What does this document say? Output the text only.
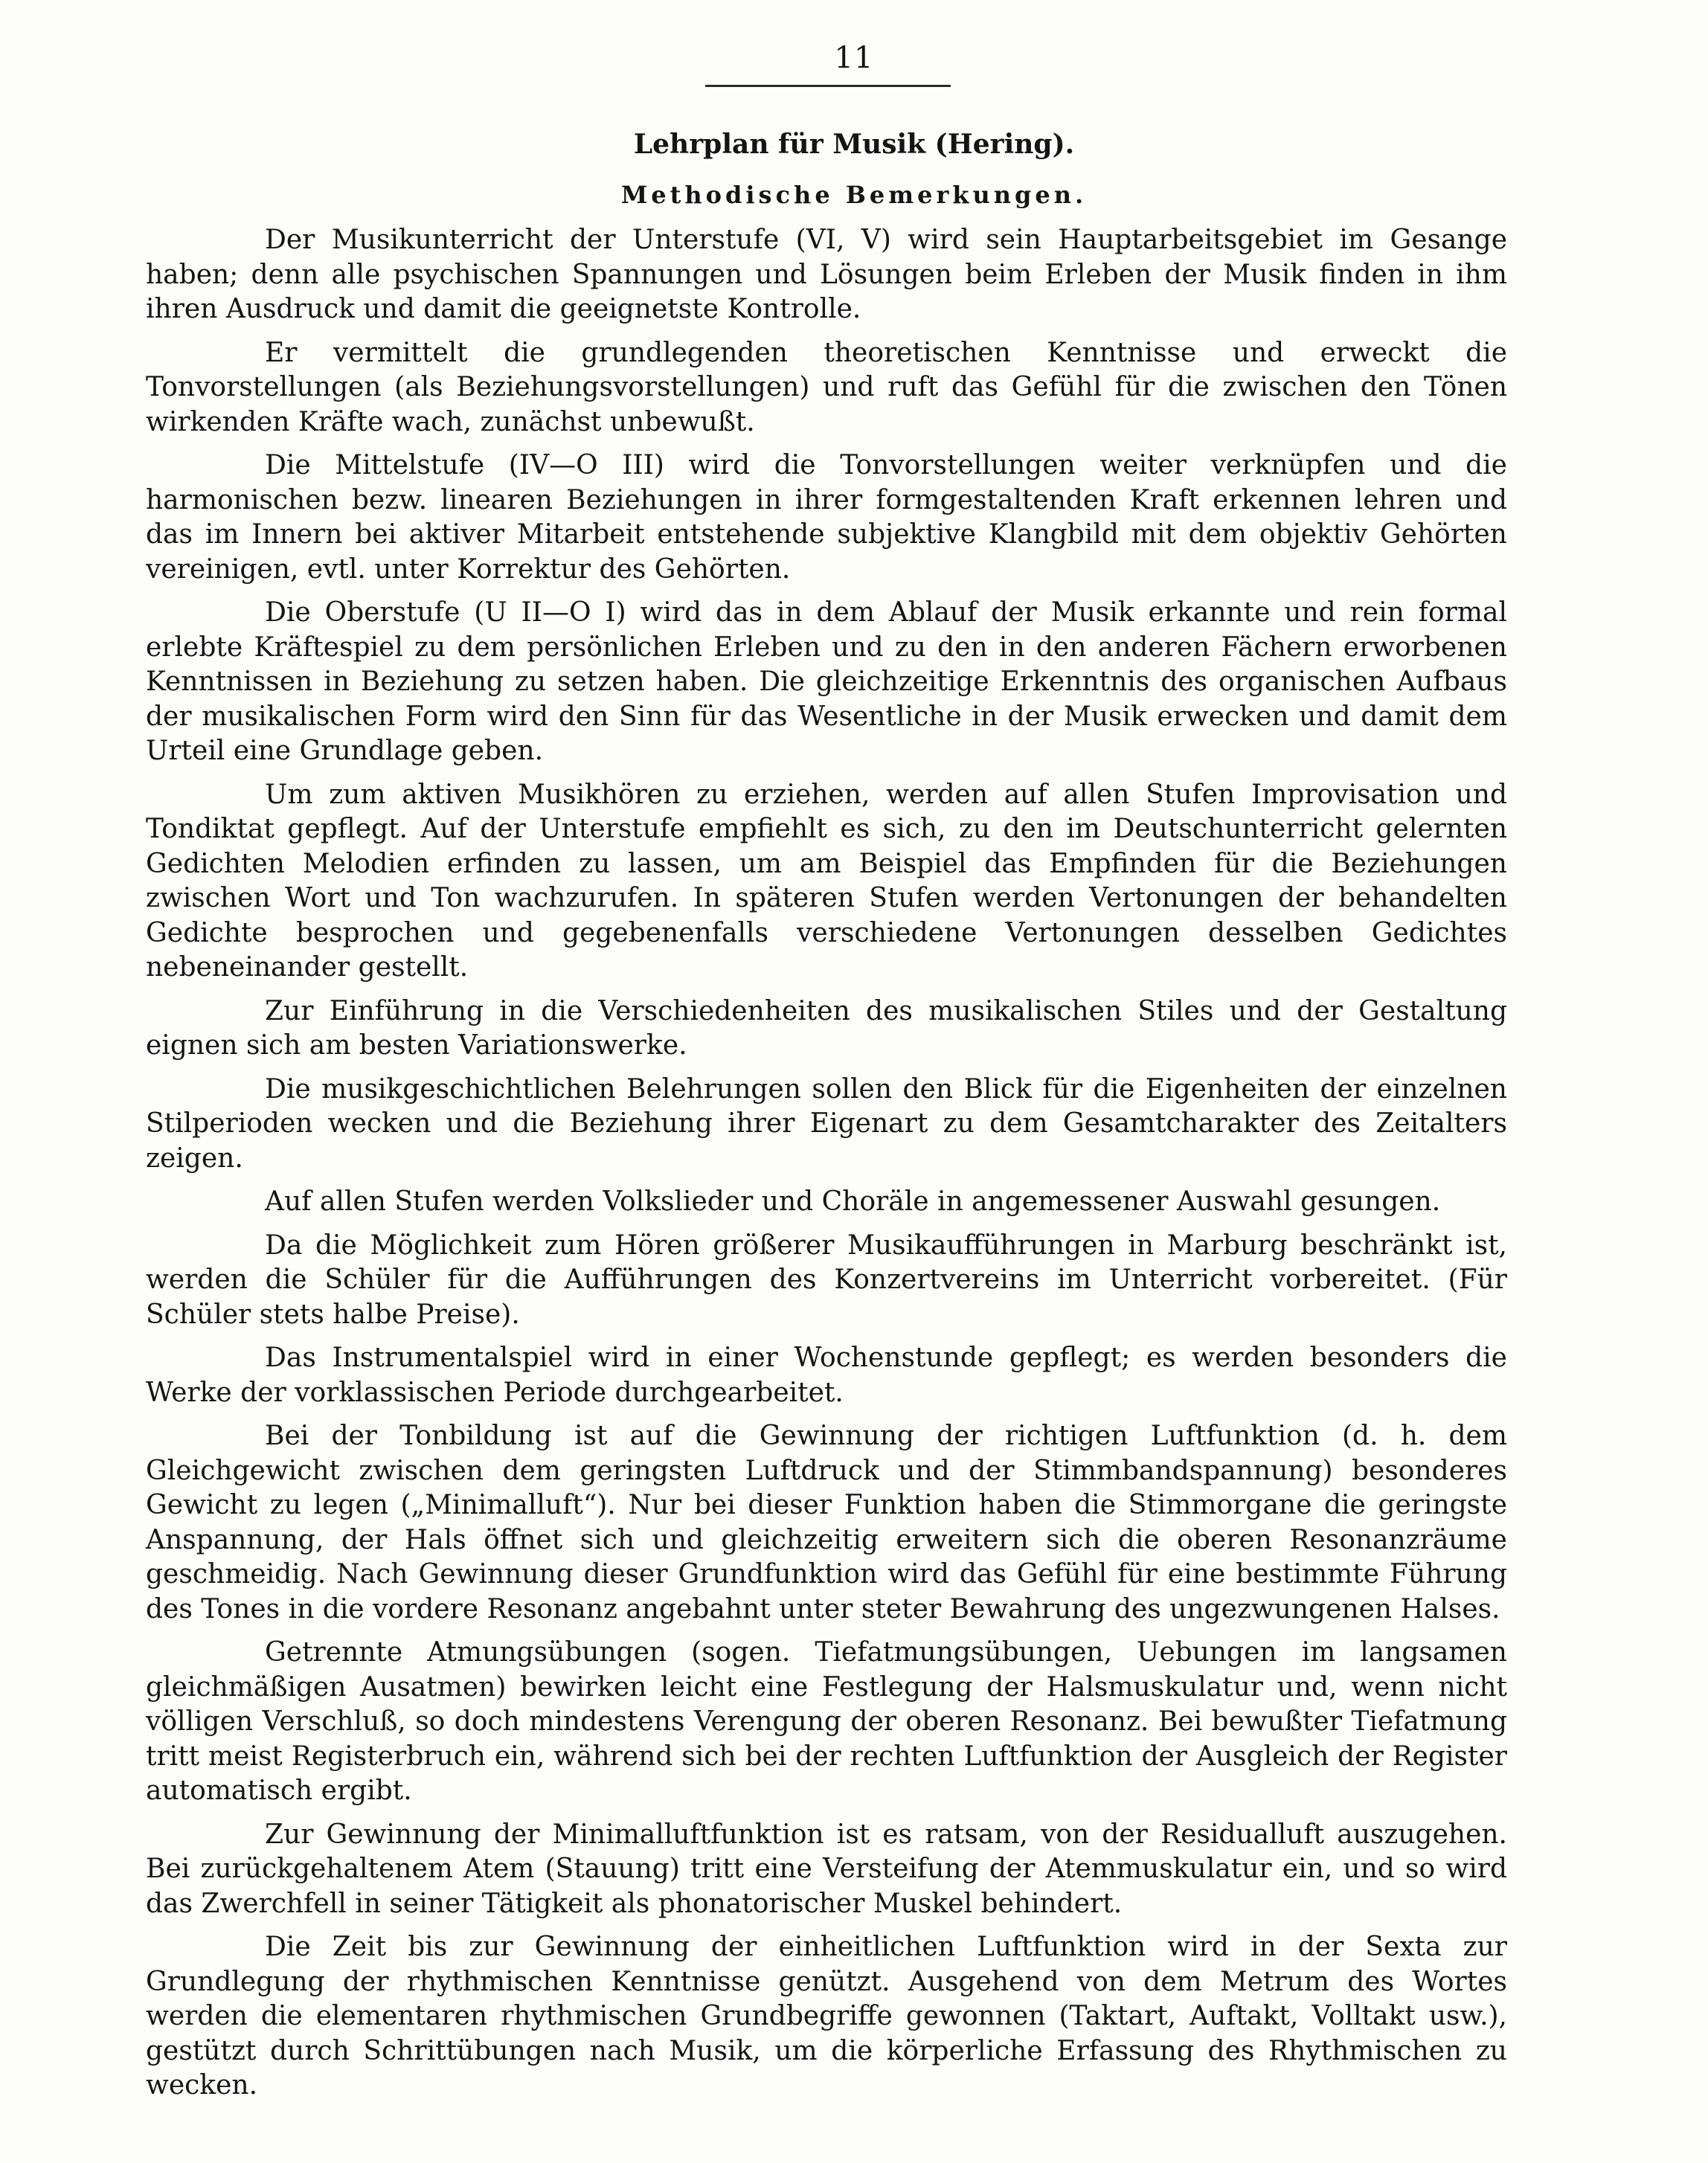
11
Lehrplan für Musik (Hering).
Methodische Bemerkungen.

Der Musikunterricht der Unterstufe (VI, V) wird sein Hauptarbeitsgebiet im Gesange haben; denn alle psychischen Spannungen und Lösungen beim Erleben der Musik finden in ihm ihren Ausdruck und damit die geeignetste Kontrolle.

Er vermittelt die grundlegenden theoretischen Kenntnisse und erweckt die Tonvorstellungen (als Beziehungsvorstellungen) und ruft das Gefühl für die zwischen den Tönen wirkenden Kräfte wach, zunächst unbewußt.

Die Mittelstufe (IV—O III) wird die Tonvorstellungen weiter verknüpfen und die harmonischen bezw. linearen Beziehungen in ihrer formgestaltenden Kraft erkennen lehren und das im Innern bei aktiver Mitarbeit entstehende subjektive Klangbild mit dem objektiv Gehörten vereinigen, evtl. unter Korrektur des Gehörten.

Die Oberstufe (U II—O I) wird das in dem Ablauf der Musik erkannte und rein formal erlebte Kräftespiel zu dem persönlichen Erleben und zu den in den anderen Fächern erworbenen Kenntnissen in Beziehung zu setzen haben. Die gleichzeitige Erkenntnis des organischen Aufbaus der musikalischen Form wird den Sinn für das Wesentliche in der Musik erwecken und damit dem Urteil eine Grundlage geben.

Um zum aktiven Musikhören zu erziehen, werden auf allen Stufen Improvisation und Tondiktat gepflegt. Auf der Unterstufe empfiehlt es sich, zu den im Deutschunterricht gelernten Gedichten Melodien erfinden zu lassen, um am Beispiel das Empfinden für die Beziehungen zwischen Wort und Ton wachzurufen. In späteren Stufen werden Vertonungen der behandelten Gedichte besprochen und gegebenenfalls verschiedene Vertonungen desselben Gedichtes nebeneinander gestellt.

Zur Einführung in die Verschiedenheiten des musikalischen Stiles und der Gestaltung eignen sich am besten Variationswerke.

Die musikgeschichtlichen Belehrungen sollen den Blick für die Eigenheiten der einzelnen Stilperioden wecken und die Beziehung ihrer Eigenart zu dem Gesamtcharakter des Zeitalters zeigen.

Auf allen Stufen werden Volkslieder und Choräle in angemessener Auswahl gesungen.

Da die Möglichkeit zum Hören größerer Musikaufführungen in Marburg beschränkt ist, werden die Schüler für die Aufführungen des Konzertvereins im Unterricht vorbereitet. (Für Schüler stets halbe Preise).

Das Instrumentalspiel wird in einer Wochenstunde gepflegt; es werden besonders die Werke der vorklassischen Periode durchgearbeitet.

Bei der Tonbildung ist auf die Gewinnung der richtigen Luftfunktion (d. h. dem Gleichgewicht zwischen dem geringsten Luftdruck und der Stimmbandspannung) besonderes Gewicht zu legen („Minimalluft“). Nur bei dieser Funktion haben die Stimmorgane die geringste Anspannung, der Hals öffnet sich und gleichzeitig erweitern sich die oberen Resonanzräume geschmeidig. Nach Gewinnung dieser Grundfunktion wird das Gefühl für eine bestimmte Führung des Tones in die vordere Resonanz angebahnt unter steter Bewahrung des ungezwungenen Halses.

Getrennte Atmungsübungen (sogen. Tiefatmungsübungen, Uebungen im langsamen gleichmäßigen Ausatmen) bewirken leicht eine Festlegung der Halsmuskulatur und, wenn nicht völligen Verschluß, so doch mindestens Verengung der oberen Resonanz. Bei bewußter Tiefatmung tritt meist Registerbruch ein, während sich bei der rechten Luftfunktion der Ausgleich der Register automatisch ergibt.

Zur Gewinnung der Minimalluftfunktion ist es ratsam, von der Residualluft auszugehen. Bei zurückgehaltenem Atem (Stauung) tritt eine Versteifung der Atemmuskulatur ein, und so wird das Zwerchfell in seiner Tätigkeit als phonatorischer Muskel behindert.

Die Zeit bis zur Gewinnung der einheitlichen Luftfunktion wird in der Sexta zur Grundlegung der rhythmischen Kenntnisse genützt. Ausgehend von dem Metrum des Wortes werden die elementaren rhythmischen Grundbegriffe gewonnen (Taktart, Auftakt, Volltakt usw.), gestützt durch Schrittübungen nach Musik, um die körperliche Erfassung des Rhythmischen zu wecken.
